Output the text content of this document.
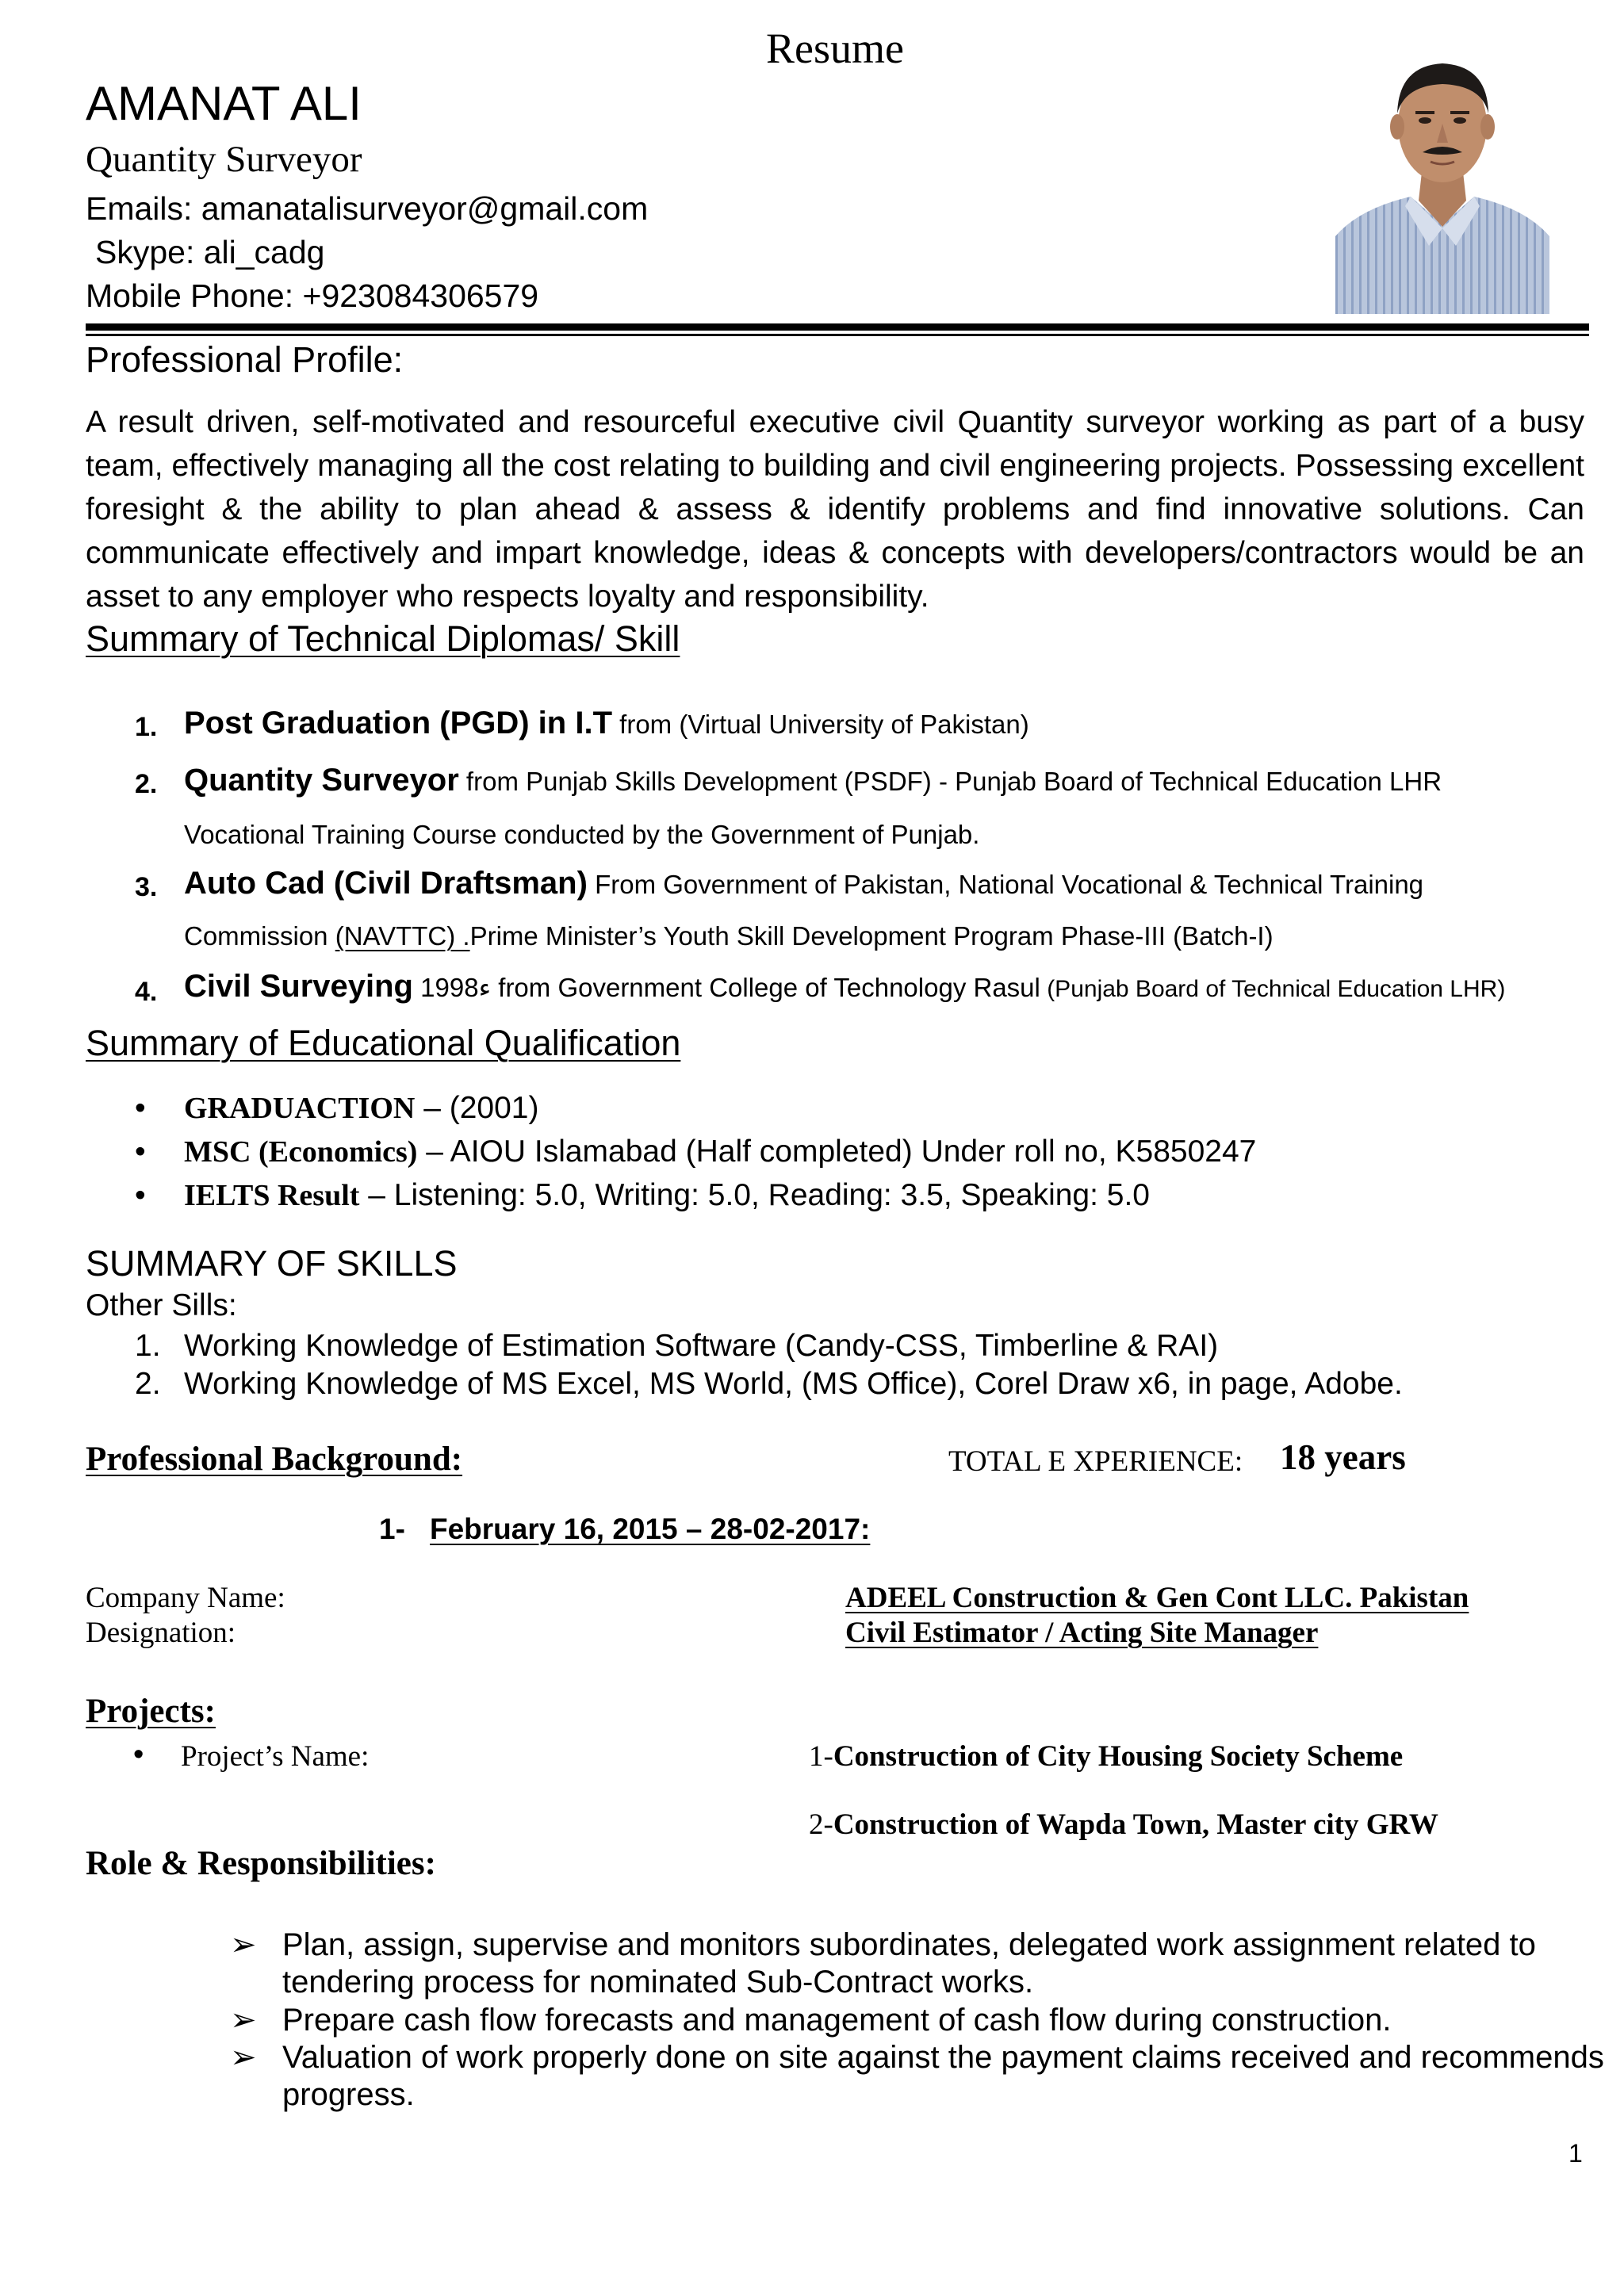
Resume
AMANAT ALI
Quantity Surveyor
Emails: amanatalisurveyor@gmail.com
Skype: ali_cadg
Mobile Phone: +923084306579
Professional Profile:
A result driven, self-motivated and resourceful executive civil Quantity surveyor working as part of a busy team, effectively managing all the cost relating to building and civil engineering projects. Possessing excellent foresight & the ability to plan ahead & assess & identify problems and find innovative solutions. Can communicate effectively and impart knowledge, ideas & concepts with developers/contractors would be an asset to any employer who respects loyalty and responsibility.
Summary of Technical Diplomas/ Skill
1. Post Graduation (PGD) in I.T from (Virtual University of Pakistan)
2. Quantity Surveyor from Punjab Skills Development (PSDF) - Punjab Board of Technical Education LHR
Vocational Training Course conducted by the Government of Punjab.
3. Auto Cad (Civil Draftsman) From Government of Pakistan, National Vocational & Technical Training
Commission (NAVTTC) .Prime Minister’s Youth Skill Development Program Phase-III (Batch-I)
4. Civil Surveying ء1998 from Government College of Technology Rasul (Punjab Board of Technical Education LHR)
Summary of Educational Qualification
• GRADUACTION – (2001)
• MSC (Economics) – AIOU Islamabad (Half completed) Under roll no, K5850247
• IELTS Result – Listening: 5.0, Writing: 5.0, Reading: 3.5, Speaking: 5.0
SUMMARY OF SKILLS
Other Sills:
1. Working Knowledge of Estimation Software (Candy-CSS, Timberline & RAI)
2. Working Knowledge of MS Excel, MS World, (MS Office), Corel Draw x6, in page, Adobe.
Professional Background:	TOTAL E XPERIENCE: 18 years
1- February 16, 2015 – 28-02-2017:
Company Name:	ADEEL Construction & Gen Cont LLC. Pakistan
Designation:	Civil Estimator / Acting Site Manager
Projects:
• Project’s Name:	1-Construction of City Housing Society Scheme
2-Construction of Wapda Town, Master city GRW
Role & Responsibilities:
➢ Plan, assign, supervise and monitors subordinates, delegated work assignment related to tendering process for nominated Sub-Contract works.
➢ Prepare cash flow forecasts and management of cash flow during construction.
➢ Valuation of work properly done on site against the payment claims received and recommends progress.
1
